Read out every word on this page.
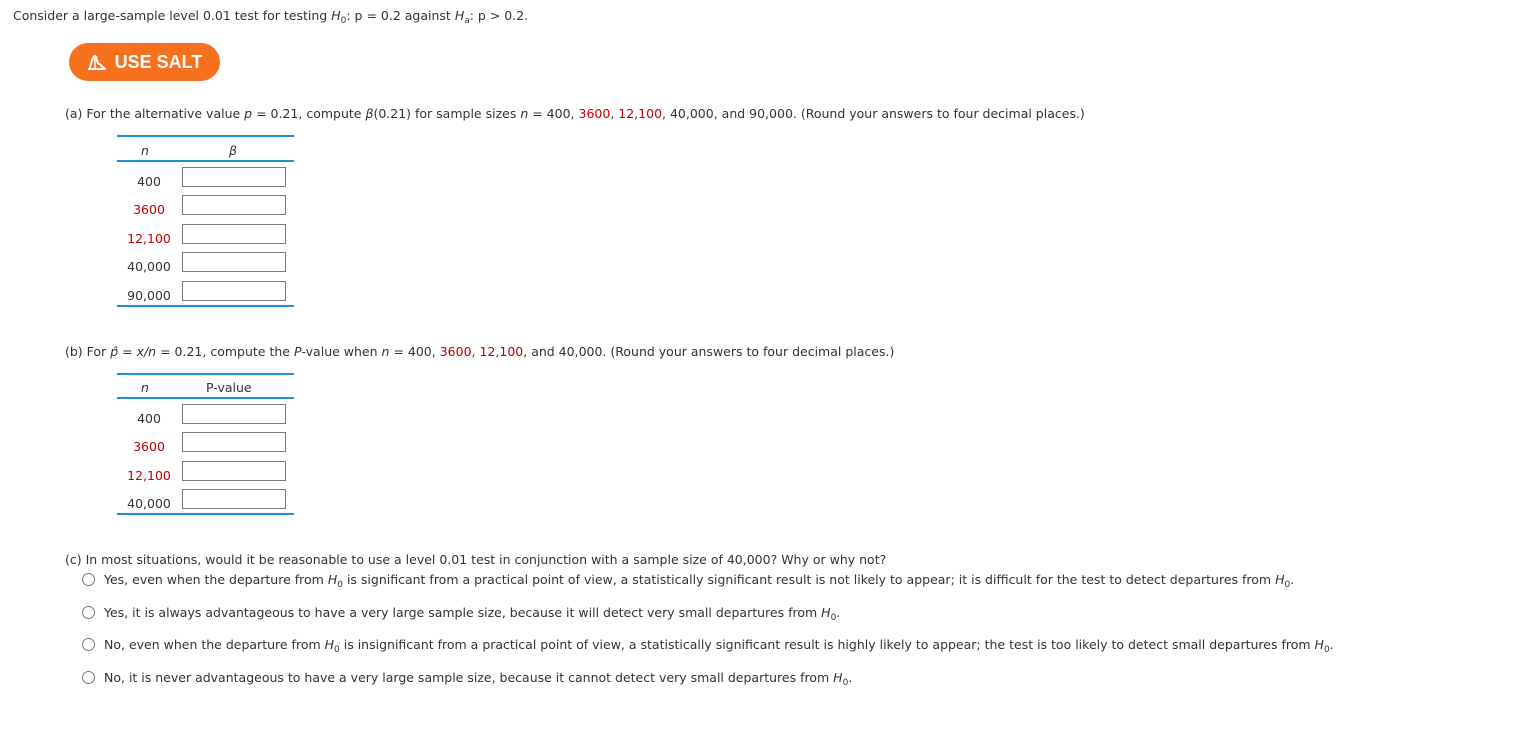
Consider a large-sample level 0.01 test for testing $H_0$: p = 0.2 against $H_a$: p > 0.2.
USE SALT
(a) For the alternative value p = 0.21, compute β(0.21) for sample sizes n = 400, 3600, 12,100, 40,000, and 90,000. (Round your answers to four decimal places.)
n	β
400
3600
12,100
40,000
90,000
(b) For p̂ = x/n = 0.21, compute the P-value when n = 400, 3600, 12,100, and 40,000. (Round your answers to four decimal places.)
n	P-value
400
3600
12,100
40,000
(c) In most situations, would it be reasonable to use a level 0.01 test in conjunction with a sample size of 40,000? Why or why not?
Yes, even when the departure from $H_0$ is significant from a practical point of view, a statistically significant result is not likely to appear; it is difficult for the test to detect departures from $H_0$.
Yes, it is always advantageous to have a very large sample size, because it will detect very small departures from $H_0$.
No, even when the departure from $H_0$ is insignificant from a practical point of view, a statistically significant result is highly likely to appear; the test is too likely to detect small departures from $H_0$.
No, it is never advantageous to have a very large sample size, because it cannot detect very small departures from $H_0$.
